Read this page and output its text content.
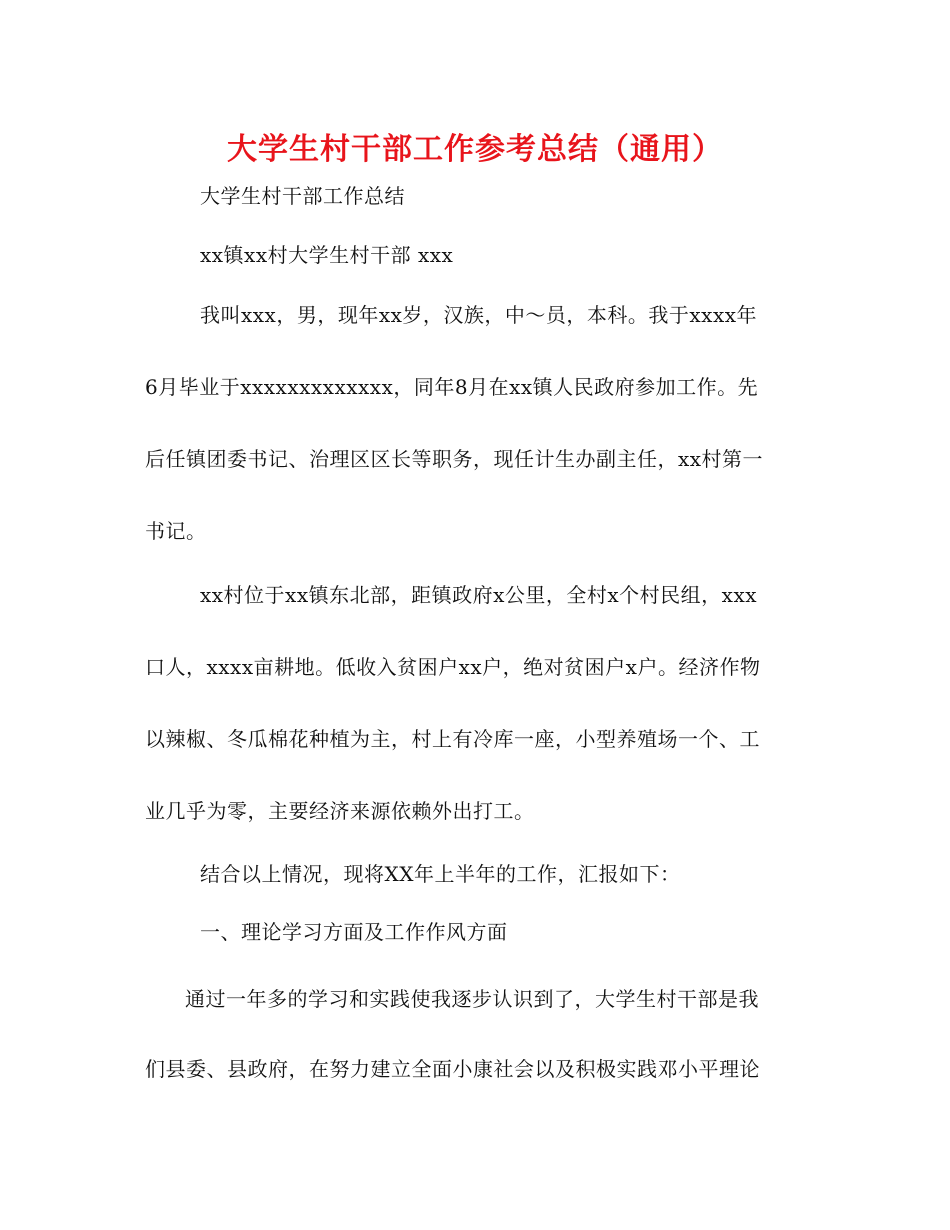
大学生村干部工作参考总结（通用）
大学生村干部工作总结
xx镇xx村大学生村干部 xxx
我叫xxx，男，现年xx岁，汉族，中～员，本科。我于xxxx年
6月毕业于xxxxxxxxxxxxx，同年8月在xx镇人民政府参加工作。先
后任镇团委书记、治理区区长等职务，现任计生办副主任，xx村第一
书记。
xx村位于xx镇东北部，距镇政府x公里，全村x个村民组，xxx
口人，xxxx亩耕地。低收入贫困户xx户，绝对贫困户x户。经济作物
以辣椒、冬瓜棉花种植为主，村上有冷库一座，小型养殖场一个、工
业几乎为零，主要经济来源依赖外出打工。
结合以上情况，现将XX年上半年的工作，汇报如下：
一、理论学习方面及工作作风方面
通过一年多的学习和实践使我逐步认识到了，大学生村干部是我
们县委、县政府，在努力建立全面小康社会以及积极实践邓小平理论
